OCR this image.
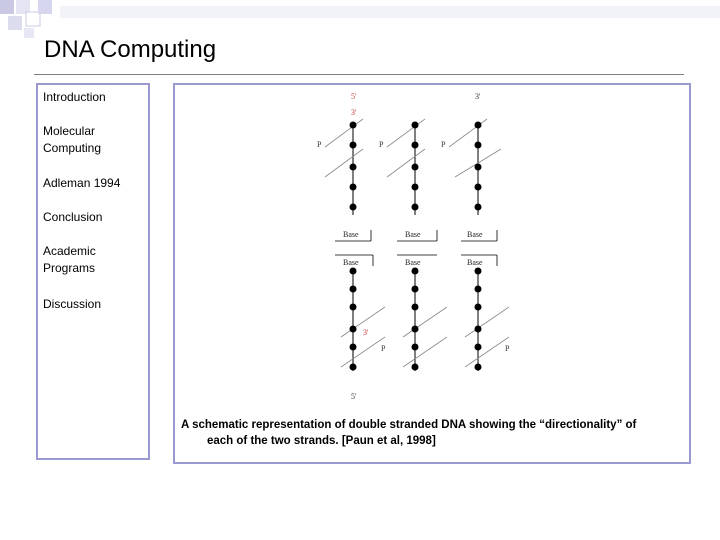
DNA Computing
Introduction
Molecular Computing
Adleman 1994
Conclusion
Academic Programs
Discussion
5'
3'
3'
P	P	P
Base	Base	Base
Base	Base	Base
3'
P	P
5'
A schematic representation of double stranded DNA showing the “directionality” of
each of the two strands. [Paun et al, 1998]
